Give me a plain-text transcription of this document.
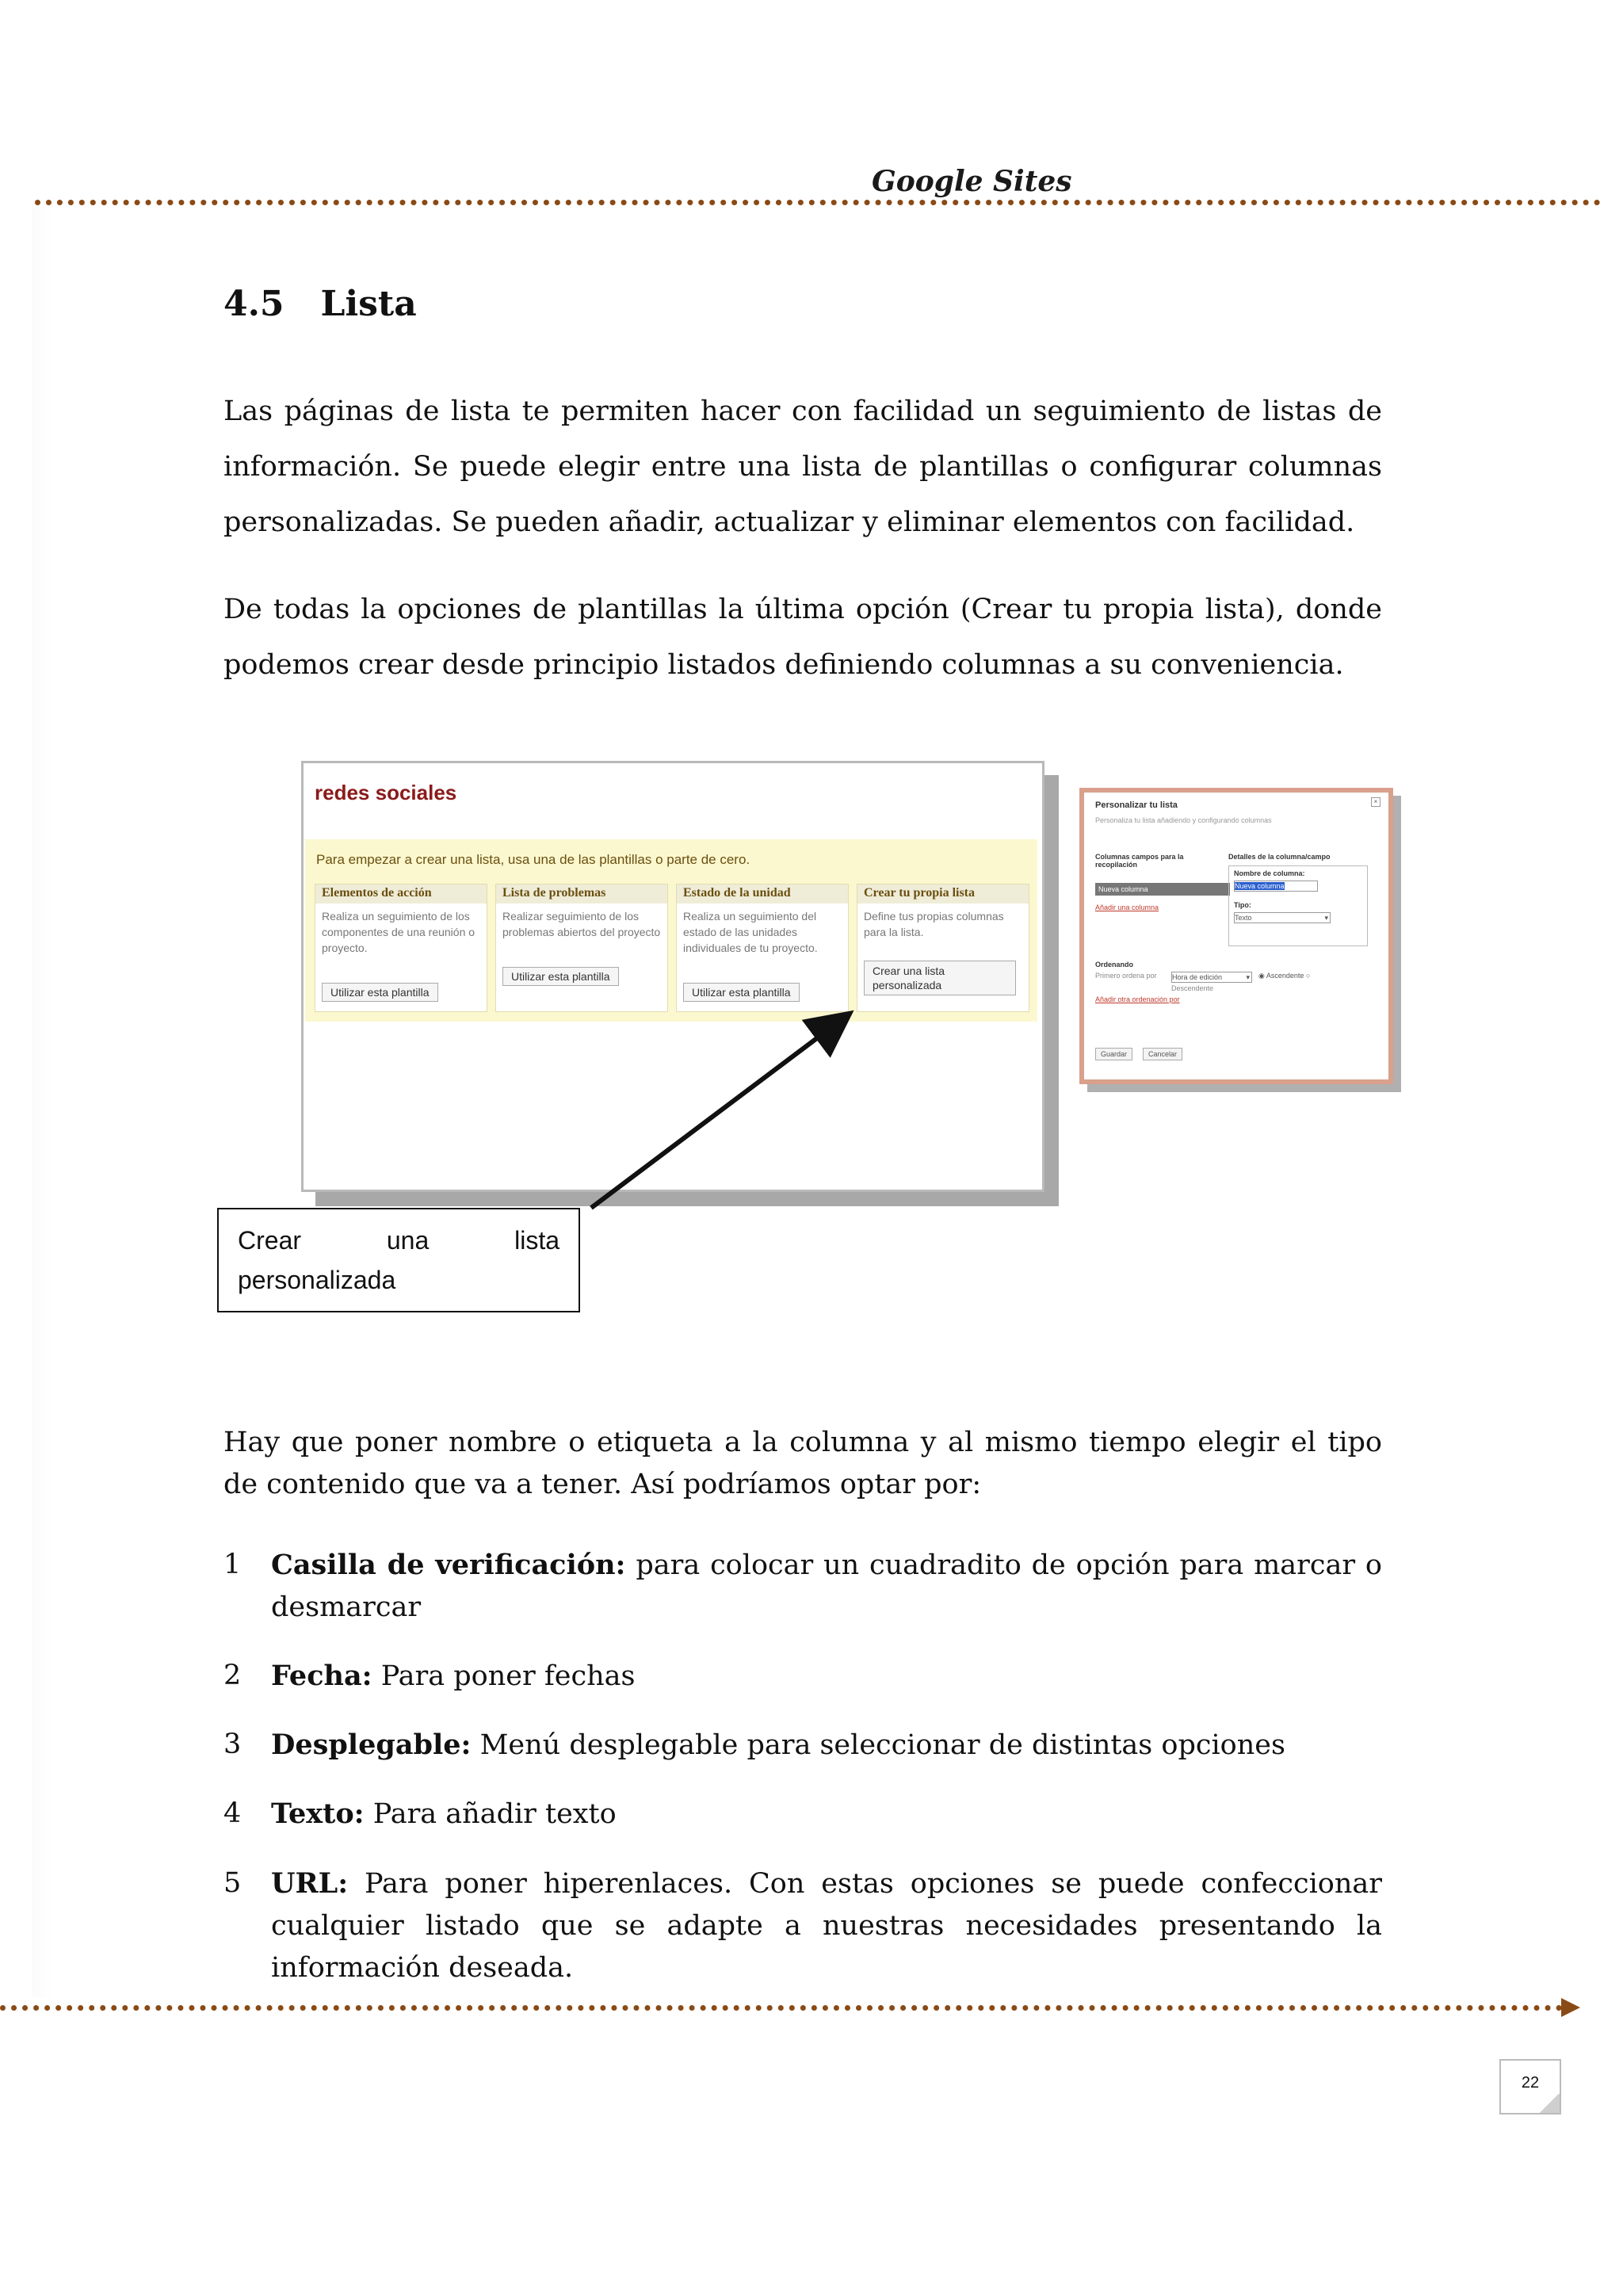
Google Sites
4.5   Lista
Las páginas de lista te permiten hacer con facilidad un seguimiento de listas de información. Se puede elegir entre una lista de plantillas o configurar columnas personalizadas. Se pueden añadir, actualizar y eliminar elementos con facilidad.
De todas la opciones de plantillas la última opción (Crear tu propia lista), donde podemos crear desde principio listados definiendo columnas a su conveniencia.
redes sociales
Para empezar a crear una lista, usa una de las plantillas o parte de cero.
Elementos de acción
Realiza un seguimiento de los componentes de una reunión o proyecto.
Utilizar esta plantilla
Lista de problemas
Realizar seguimiento de los problemas abiertos del proyecto
Utilizar esta plantilla
Estado de la unidad
Realiza un seguimiento del estado de las unidades individuales de tu proyecto.
Utilizar esta plantilla
Crear tu propia lista
Define tus propias columnas para la lista.
Crear una lista personalizada
Personalizar tu lista	×
Personaliza tu lista añadiendo y configurando columnas
Columnas campos para la recopilación
Detalles de la columna/campo
Nueva columna
Añadir una columna
Nombre de columna:
Nueva columna
Tipo:
Texto	▾
Ordenando
Primero ordena por Hora de edición	▾ ◉ Ascendente ○
Descendente
Añadir otra ordenación por
Guardar	Cancelar
Crear una lista
personalizada
Hay que poner nombre o etiqueta a la columna y al mismo tiempo elegir el tipo de contenido que va a tener. Así podríamos optar por:
1 Casilla de verificación: para colocar un cuadradito de opción para marcar o desmarcar
2 Fecha: Para poner fechas
3 Desplegable: Menú desplegable para seleccionar de distintas opciones
4 Texto: Para añadir texto
5 URL: Para poner hiperenlaces. Con estas opciones se puede confeccionar cualquier listado que se adapte a nuestras necesidades presentando la información deseada.
22
